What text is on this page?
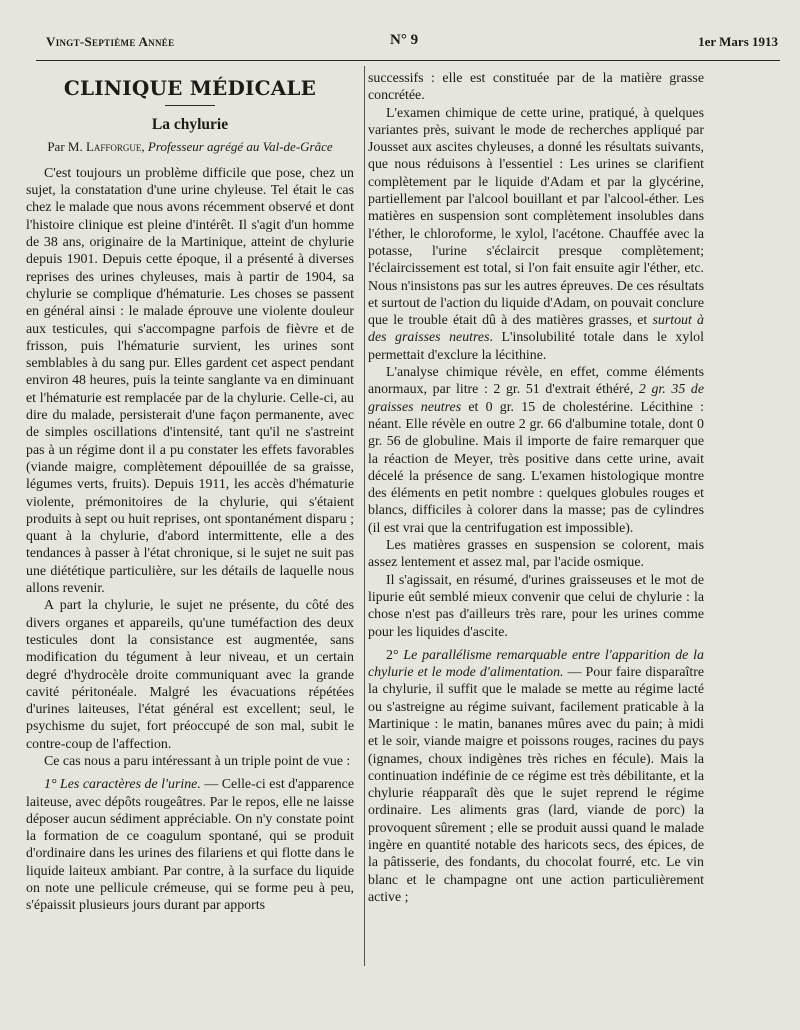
Vingt-Septième Année	N° 9	1er Mars 1913
CLINIQUE MÉDICALE
La chylurie
Par M. Lafforgue, Professeur agrégé au Val-de-Grâce

C'est toujours un problème difficile que pose, chez un sujet, la constatation d'une urine chyleuse. Tel était le cas chez le malade que nous avons récemment observé et dont l'histoire clinique est pleine d'intérêt. Il s'agit d'un homme de 38 ans, originaire de la Martinique, atteint de chylurie depuis 1901. Depuis cette époque, il a présenté à diverses reprises des urines chyleuses, mais à partir de 1904, sa chylurie se complique d'hématurie. Les choses se passent en général ainsi : le malade éprouve une violente douleur aux testicules, qui s'accompagne parfois de fièvre et de frisson, puis l'hématurie survient, les urines sont semblables à du sang pur. Elles gardent cet aspect pendant environ 48 heures, puis la teinte sanglante va en diminuant et l'hématurie est remplacée par de la chylurie. Celle-ci, au dire du malade, persisterait d'une façon permanente, avec de simples oscillations d'intensité, tant qu'il ne s'astreint pas à un régime dont il a pu constater les effets favorables (viande maigre, complètement dépouillée de sa graisse, légumes verts, fruits). Depuis 1911, les accès d'hématurie violente, prémonitoires de la chylurie, qui s'étaient produits à sept ou huit reprises, ont spontanément disparu ; quant à la chylurie, d'abord intermittente, elle a des tendances à passer à l'état chronique, si le sujet ne suit pas une diététique particulière, sur les détails de laquelle nous allons revenir.

A part la chylurie, le sujet ne présente, du côté des divers organes et appareils, qu'une tuméfaction des deux testicules dont la consistance est augmentée, sans modification du tégument à leur niveau, et un certain degré d'hydrocèle droite communiquant avec la grande cavité péritonéale. Malgré les évacuations répétées d'urines laiteuses, l'état général est excellent; seul, le psychisme du sujet, fort préoccupé de son mal, subit le contre-coup de l'affection.

Ce cas nous a paru intéressant à un triple point de vue :

1° Les caractères de l'urine. — Celle-ci est d'apparence laiteuse, avec dépôts rougeâtres. Par le repos, elle ne laisse déposer aucun sédiment appréciable. On n'y constate point la formation de ce coagulum spontané, qui se produit d'ordinaire dans les urines des filariens et qui flotte dans le liquide laiteux ambiant. Par contre, à la surface du liquide on note une pellicule crémeuse, qui se forme peu à peu, s'épaissit plusieurs jours durant par apports

successifs : elle est constituée par de la matière grasse concrétée.

L'examen chimique de cette urine, pratiqué, à quelques variantes près, suivant le mode de recherches appliqué par Jousset aux ascites chyleuses, a donné les résultats suivants, que nous réduisons à l'essentiel : Les urines se clarifient complètement par le liquide d'Adam et par la glycérine, partiellement par l'alcool bouillant et par l'alcool-éther. Les matières en suspension sont complètement insolubles dans l'éther, le chloroforme, le xylol, l'acétone. Chauffée avec la potasse, l'urine s'éclaircit presque complètement; l'éclaircissement est total, si l'on fait ensuite agir l'éther, etc. Nous n'insistons pas sur les autres épreuves. De ces résultats et surtout de l'action du liquide d'Adam, on pouvait conclure que le trouble était dû à des matières grasses, et surtout à des graisses neutres. L'insolubilité totale dans le xylol permettait d'exclure la lécithine.

L'analyse chimique révèle, en effet, comme éléments anormaux, par litre : 2 gr. 51 d'extrait éthéré, 2 gr. 35 de graisses neutres et 0 gr. 15 de cholestérine. Lécithine : néant. Elle révèle en outre 2 gr. 66 d'albumine totale, dont 0 gr. 56 de globuline. Mais il importe de faire remarquer que la réaction de Meyer, très positive dans cette urine, avait décelé la présence de sang. L'examen histologique montre des éléments en petit nombre : quelques globules rouges et blancs, difficiles à colorer dans la masse; pas de cylindres (il est vrai que la centrifugation est impossible).

Les matières grasses en suspension se colorent, mais assez lentement et assez mal, par l'acide osmique.

Il s'agissait, en résumé, d'urines graisseuses et le mot de lipurie eût semblé mieux convenir que celui de chylurie : la chose n'est pas d'ailleurs très rare, pour les urines comme pour les liquides d'ascite.

2° Le parallélisme remarquable entre l'apparition de la chylurie et le mode d'alimentation. — Pour faire disparaître la chylurie, il suffit que le malade se mette au régime lacté ou s'astreigne au régime suivant, facilement praticable à la Martinique : le matin, bananes mûres avec du pain; à midi et le soir, viande maigre et poissons rouges, racines du pays (ignames, choux indigènes très riches en fécule). Mais la continuation indéfinie de ce régime est très débilitante, et la chylurie réapparaît dès que le sujet reprend le régime ordinaire. Les aliments gras (lard, viande de porc) la provoquent sûrement ; elle se produit aussi quand le malade ingère en quantité notable des haricots secs, des épices, de la pâtisserie, des fondants, du chocolat fourré, etc. Le vin blanc et le champagne ont une action particulièrement active ;
